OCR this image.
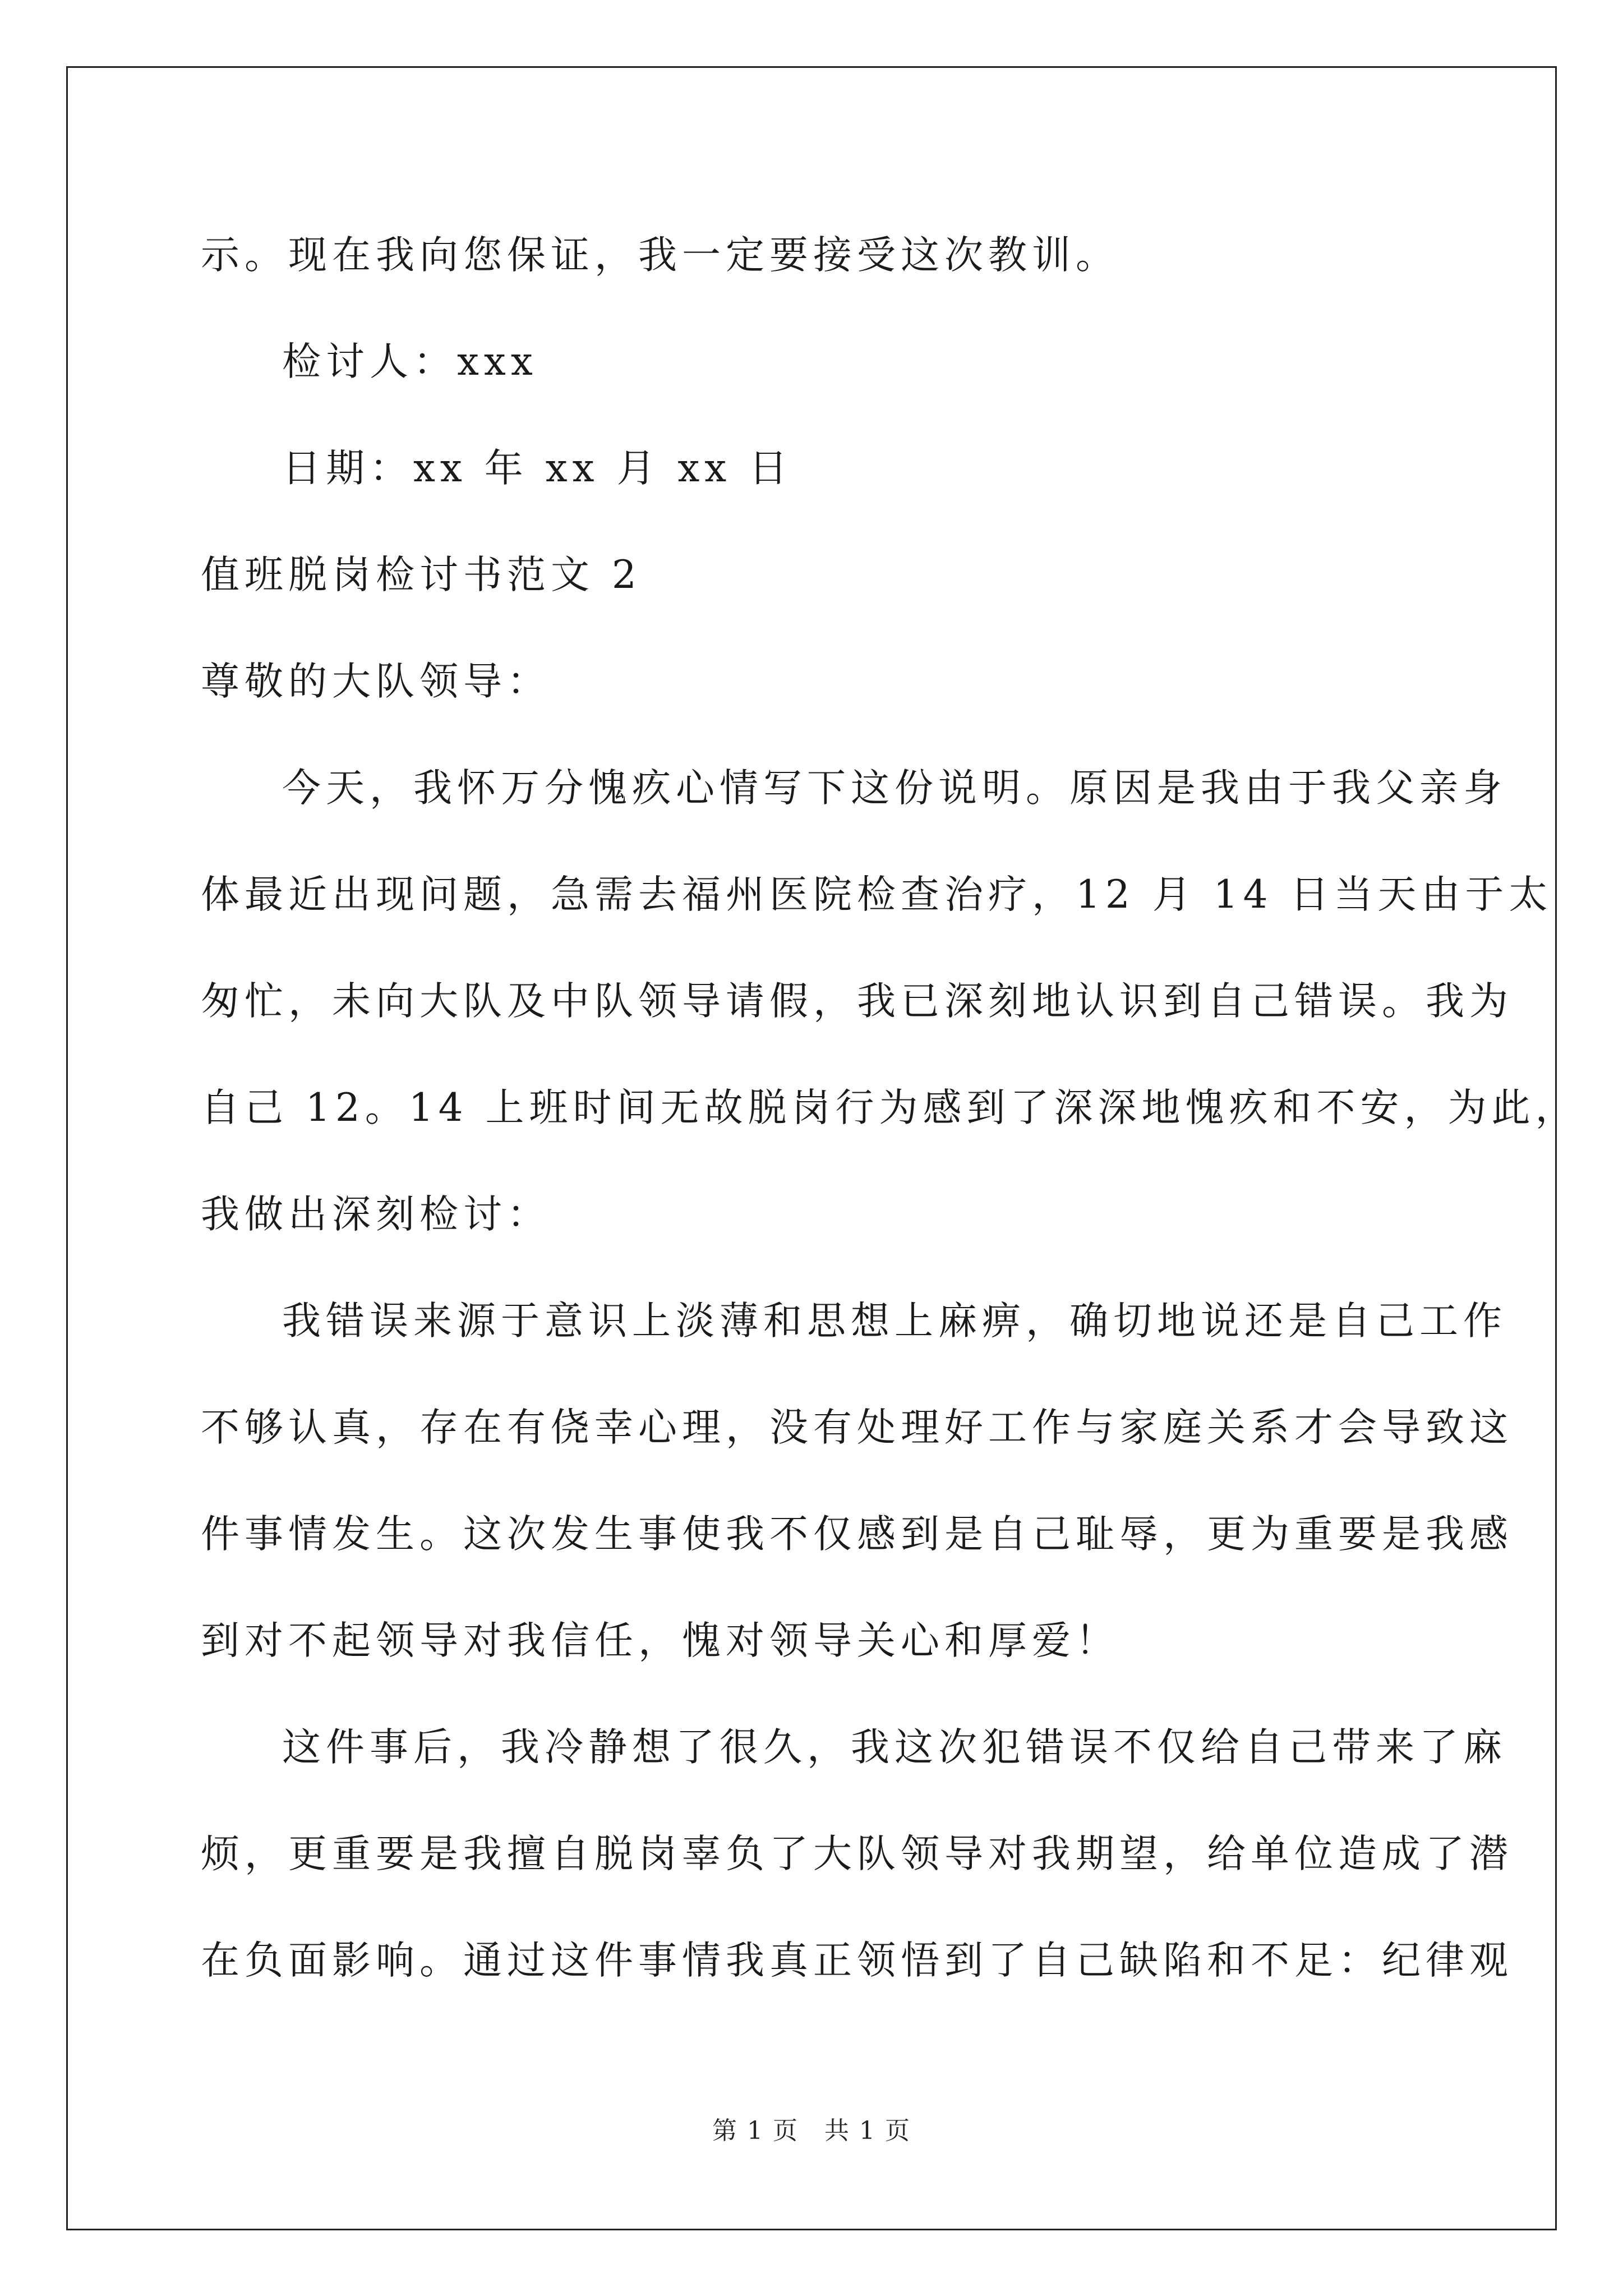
示。现在我向您保证，我一定要接受这次教训。
检讨人：xxx
日期：xx 年 xx 月 xx 日
值班脱岗检讨书范文 2
尊敬的大队领导：
今天，我怀万分愧疚心情写下这份说明。原因是我由于我父亲身
体最近出现问题，急需去福州医院检查治疗，12 月 14 日当天由于太
匆忙，未向大队及中队领导请假，我已深刻地认识到自己错误。我为
自己 12。14 上班时间无故脱岗行为感到了深深地愧疚和不安，为此，
我做出深刻检讨：
我错误来源于意识上淡薄和思想上麻痹，确切地说还是自己工作
不够认真，存在有侥幸心理，没有处理好工作与家庭关系才会导致这
件事情发生。这次发生事使我不仅感到是自己耻辱，更为重要是我感
到对不起领导对我信任，愧对领导关心和厚爱！
这件事后，我冷静想了很久，我这次犯错误不仅给自己带来了麻
烦，更重要是我擅自脱岗辜负了大队领导对我期望，给单位造成了潜
在负面影响。通过这件事情我真正领悟到了自己缺陷和不足：纪律观
第 1 页 共 1 页
